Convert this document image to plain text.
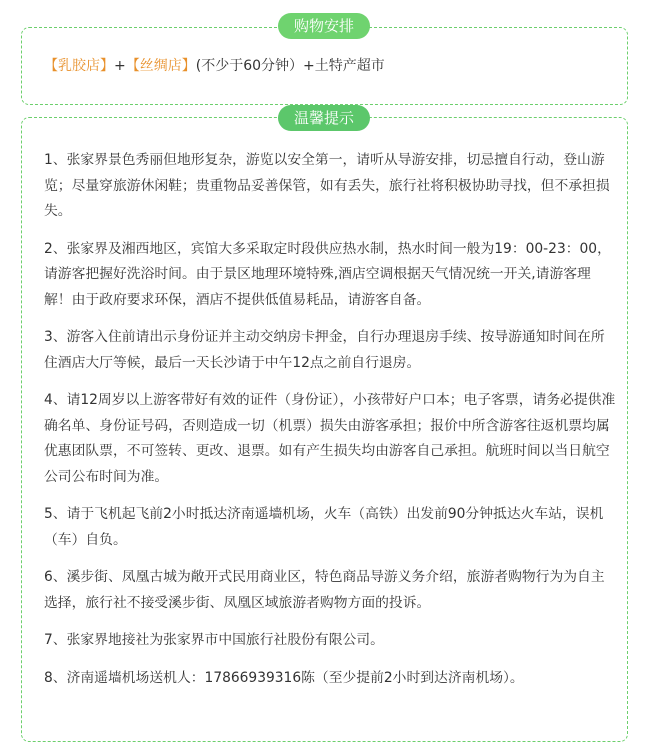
购物安排
【乳胶店】+【丝绸店】(不少于60分钟）+土特产超市
温馨提示

1、张家界景色秀丽但地形复杂，游览以安全第一，请听从导游安排，切忌擅自行动，登山游览；尽量穿旅游休闲鞋；贵重物品妥善保管，如有丢失，旅行社将积极协助寻找，但不承担损失。

2、张家界及湘西地区，宾馆大多采取定时段供应热水制，热水时间一般为19：00-23：00，请游客把握好洗浴时间。由于景区地理环境特殊,酒店空调根据天气情况统一开关,请游客理解！由于政府要求环保，酒店不提供低值易耗品，请游客自备。

3、游客入住前请出示身份证并主动交纳房卡押金，自行办理退房手续、按导游通知时间在所住酒店大厅等候，最后一天长沙请于中午12点之前自行退房。

4、请12周岁以上游客带好有效的证件（身份证），小孩带好户口本；电子客票，请务必提供准确名单、身份证号码，否则造成一切（机票）损失由游客承担；报价中所含游客往返机票均属优惠团队票，不可签转、更改、退票。如有产生损失均由游客自己承担。航班时间以当日航空公司公布时间为准。

5、请于飞机起飞前2小时抵达济南遥墙机场，火车（高铁）出发前90分钟抵达火车站，误机（车）自负。

6、溪步街、凤凰古城为敞开式民用商业区，特色商品导游义务介绍，旅游者购物行为为自主选择，旅行社不接受溪步街、凤凰区域旅游者购物方面的投诉。

7、张家界地接社为张家界市中国旅行社股份有限公司。

8、济南遥墙机场送机人：17866939316陈（至少提前2小时到达济南机场）。
